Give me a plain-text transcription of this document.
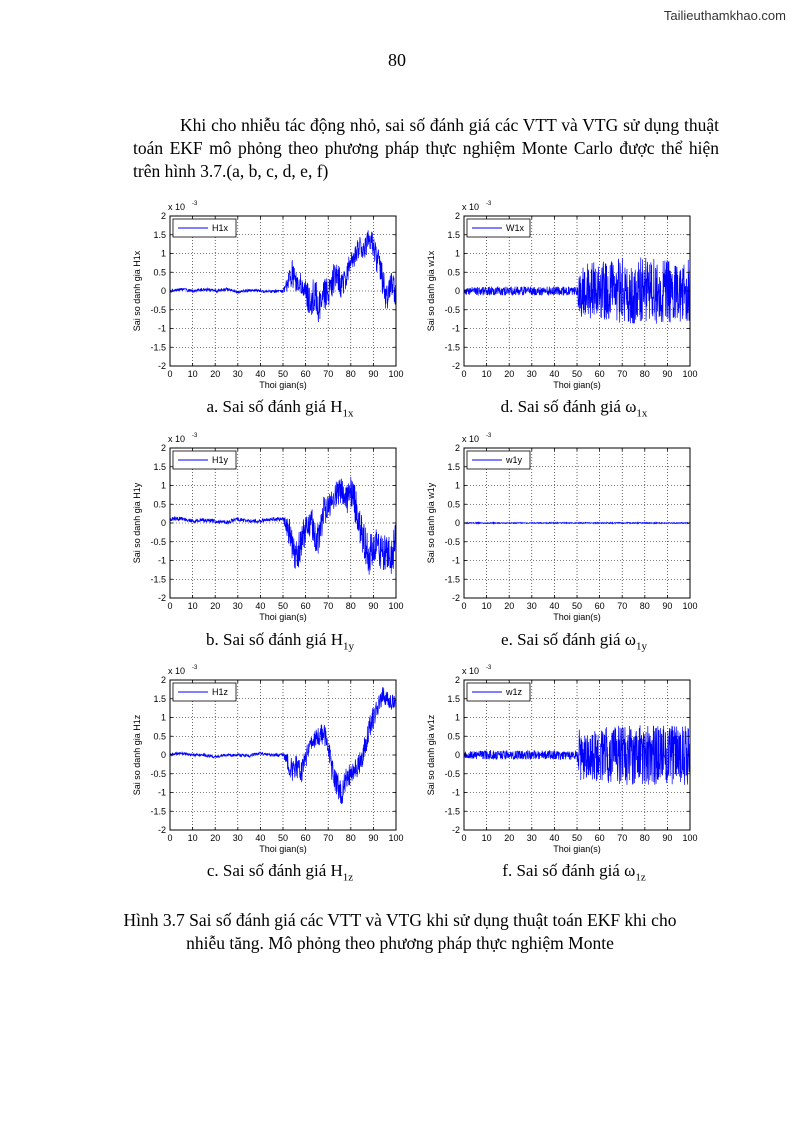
Tailieuthamkhao.com
80
Khi cho nhiễu tác động nhỏ, sai số đánh giá các VTT và VTG sử dụng thuật toán EKF mô phỏng theo phương pháp thực nghiệm Monte Carlo được thể hiện trên hình 3.7.(a, b, c, d, e, f)
0 10 20 30 40 50 60 70 80 90 100
-2
-1.5
-1
-0.5
0
0.5
1
1.5
2
x 10 -3
Thoi gian(s)
Sai so danh gia H1x
H1x
0 10 20 30 40 50 60 70 80 90 100
-2
-1.5
-1
-0.5
0
0.5
1
1.5
2
x 10 -3
Thoi gian(s)
Sai so danh gia w1x
W1x
a. Sai số đánh giá $H_{1x}$	d. Sai số đánh giá $\omega_{1x}$
0 10 20 30 40 50 60 70 80 90 100
-2
-1.5
-1
-0.5
0
0.5
1
1.5
2
x 10 -3
Thoi gian(s)
Sai so danh gia H1y
H1y
0 10 20 30 40 50 60 70 80 90 100
-2
-1.5
-1
-0.5
0
0.5
1
1.5
2
x 10 -3
Thoi gian(s)
Sai so danh gia w1y
w1y
b. Sai số đánh giá $H_{1y}$	e. Sai số đánh giá $\omega_{1y}$
0 10 20 30 40 50 60 70 80 90 100
-2
-1.5
-1
-0.5
0
0.5
1
1.5
2
x 10 -3
Thoi gian(s)
Sai so danh gia H1z
H1z
0 10 20 30 40 50 60 70 80 90 100
-2
-1.5
-1
-0.5
0
0.5
1
1.5
2
x 10 -3
Thoi gian(s)
Sai so danh gia w1z
w1z
c. Sai số đánh giá $H_{1z}$	f. Sai số đánh giá $\omega_{1z}$
Hình 3.7 Sai số đánh giá các VTT và VTG khi sử dụng thuật toán EKF khi cho nhiễu tăng. Mô phỏng theo phương pháp thực nghiệm Monte
